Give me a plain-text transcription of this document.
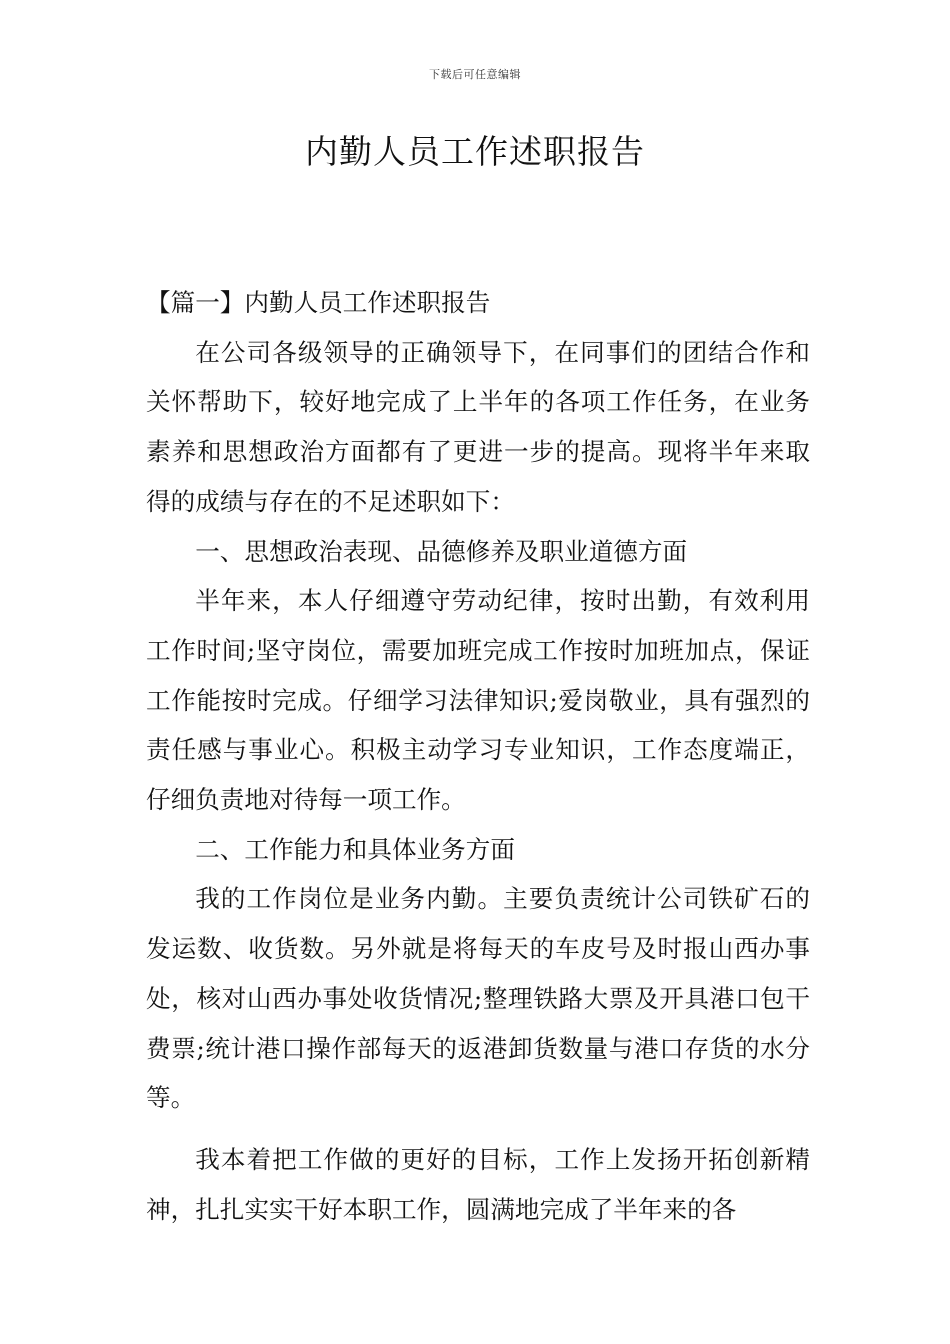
下载后可任意编辑
内勤人员工作述职报告

【篇一】内勤人员工作述职报告

在公司各级领导的正确领导下，在同事们的团结合作和关怀帮助下，较好地完成了上半年的各项工作任务，在业务素养和思想政治方面都有了更进一步的提高。现将半年来取得的成绩与存在的不足述职如下：

一、思想政治表现、品德修养及职业道德方面

半年来，本人仔细遵守劳动纪律，按时出勤，有效利用工作时间;坚守岗位，需要加班完成工作按时加班加点，保证工作能按时完成。仔细学习法律知识;爱岗敬业，具有强烈的责任感与事业心。积极主动学习专业知识，工作态度端正，仔细负责地对待每一项工作。

二、工作能力和具体业务方面

我的工作岗位是业务内勤。主要负责统计公司铁矿石的发运数、收货数。另外就是将每天的车皮号及时报山西办事处，核对山西办事处收货情况;整理铁路大票及开具港口包干费票;统计港口操作部每天的返港卸货数量与港口存货的水分等。

我本着把工作做的更好的目标，工作上发扬开拓创新精神，扎扎实实干好本职工作，圆满地完成了半年来的各
